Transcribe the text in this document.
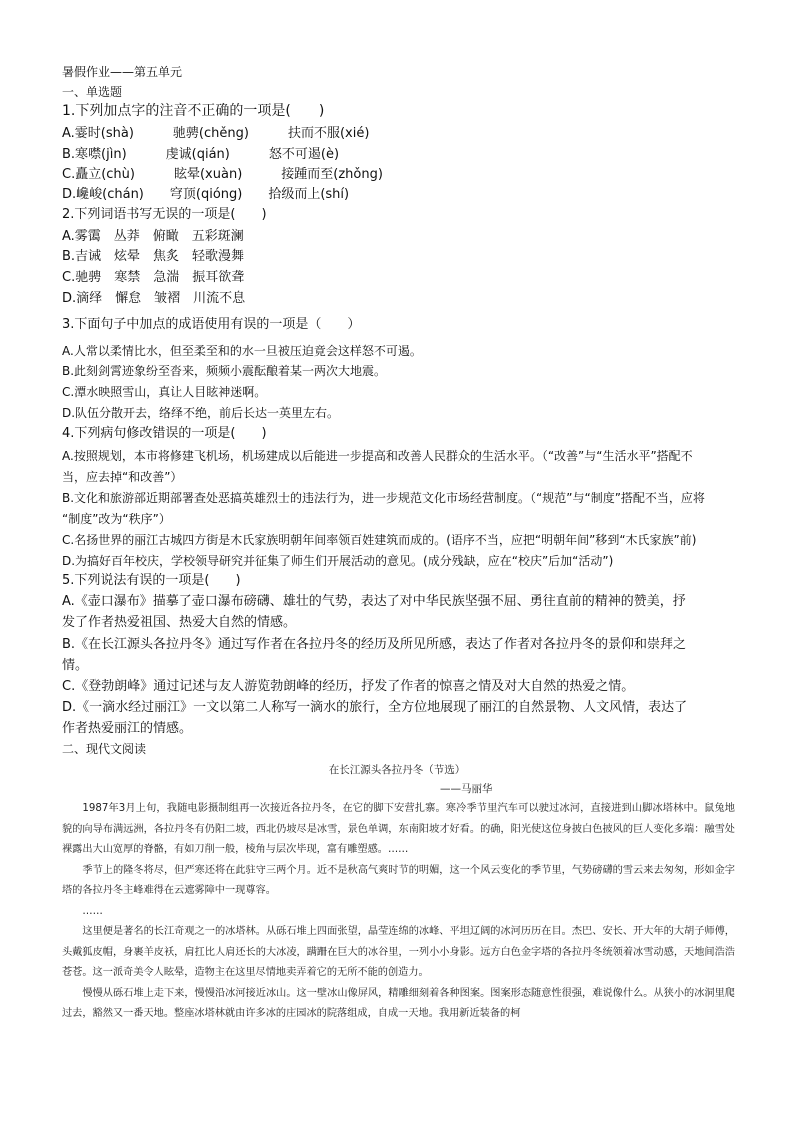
暑假作业——第五单元
一、单选题
1.下列加点字的注音不正确的一项是(　　)
A.霎时(shà)　　　驰骋(chěng)　　　扶而不服(xié)
B.寒噤(jìn)　　　虔诚(qián)　　　怒不可遏(è)
C.矗立(chù)　　　眩晕(xuàn)　　　接踵而至(zhǒng)
D.巉峻(chán)　　穹顶(qióng)　　拾级而上(shí)
2.下列词语书写无误的一项是(　　)
A.雾霭　丛莽　俯瞰　五彩斑澜
B.吉诫　炫晕　焦炙　轻歌漫舞
C.驰骋　寒禁　急湍　振耳欲聋
D.滴绎　懈怠　皱褶　川流不息
3.下面句子中加点的成语使用有误的一项是（　　）
A.人常以柔情比水，但至柔至和的水一旦被压迫竟会这样怒不可遏。
B.此刻剑霄迹象纷至沓来，频频小震酝酿着某一两次大地震。
C.潭水映照雪山，真让人目眩神迷啊。
D.队伍分散开去，络绎不绝，前后长达一英里左右。
4.下列病句修改错误的一项是(　　)
A.按照规划，本市将修建飞机场，机场建成以后能进一步提高和改善人民群众的生活水平。（“改善”与“生活水平”搭配不
当，应去掉“和改善”）
B.文化和旅游部近期部署查处恶搞英雄烈士的违法行为，进一步规范文化市场经营制度。（“规范”与“制度”搭配不当，应将
“制度”改为“秩序”）
C.名扬世界的丽江古城四方街是木氏家族明朝年间率领百姓建筑而成的。(语序不当，应把“明朝年间”移到“木氏家族”前)
D.为搞好百年校庆，学校领导研究并征集了师生们开展活动的意见。(成分残缺，应在“校庆”后加“活动”)
5.下列说法有误的一项是(　　)
A.《壶口瀑布》描摹了壶口瀑布磅礴、雄壮的气势，表达了对中华民族坚强不屈、勇往直前的精神的赞美，抒
发了作者热爱祖国、热爱大自然的情感。
B.《在长江源头各拉丹冬》通过写作者在各拉丹冬的经历及所见所感，表达了作者对各拉丹冬的景仰和崇拜之
情。
C.《登勃朗峰》通过记述与友人游览勃朗峰的经历，抒发了作者的惊喜之情及对大自然的热爱之情。
D.《一滴水经过丽江》一文以第二人称写一滴水的旅行，全方位地展现了丽江的自然景物、人文风情，表达了
作者热爱丽江的情感。
二、现代文阅读
在长江源头各拉丹冬（节选）
——马丽华

1987年3月上旬，我随电影摄制组再一次接近各拉丹冬，在它的脚下安营扎寨。寒冷季节里汽车可以驶过冰河，直接进到山脚冰塔林中。鼠兔地貌的向导布满远洲，各拉丹冬有仍阳二坡，西北仍坡尽是冰雪，景色单调，东南阳坡才好看。的确，阳光使这位身披白色披风的巨人变化多端：融雪处裸露出大山宽厚的脊骼，有如刀削一般，棱角与层次毕现，富有雕塑感。……

季节上的隆冬将尽，但严寒还将在此驻守三两个月。近不是秋高气爽时节的明媚，这一个风云变化的季节里，气势磅礴的雪云来去匆匆，形如金字塔的各拉丹冬主峰难得在云遮雾障中一现尊容。

……

这里便是著名的长江奇观之一的冰塔林。从砾石堆上四面张望，晶莹连绵的冰峰、平坦辽阔的冰河历历在目。杰巴、安长、开大年的大胡子师傅，头戴狐皮帽，身裹羊皮袄，肩扛比人肩还长的大冰凌，蹒跚在巨大的冰谷里，一列小小身影。远方白色金字塔的各拉丹冬统领着冰雪动感，天地间浩浩苍苍。这一派奇美令人眩晕，造物主在这里尽情地卖弄着它的无所不能的创造力。

慢慢从砾石堆上走下来，慢慢沿冰河接近冰山。这一壁冰山像屏风，精雕细刻着各种图案。图案形态随意性很强，难说像什么。从狭小的冰洞里爬过去，豁然又一番天地。整座冰塔林就由许多冰的庄园冰的院落组成，自成一天地。我用新近装备的柯
